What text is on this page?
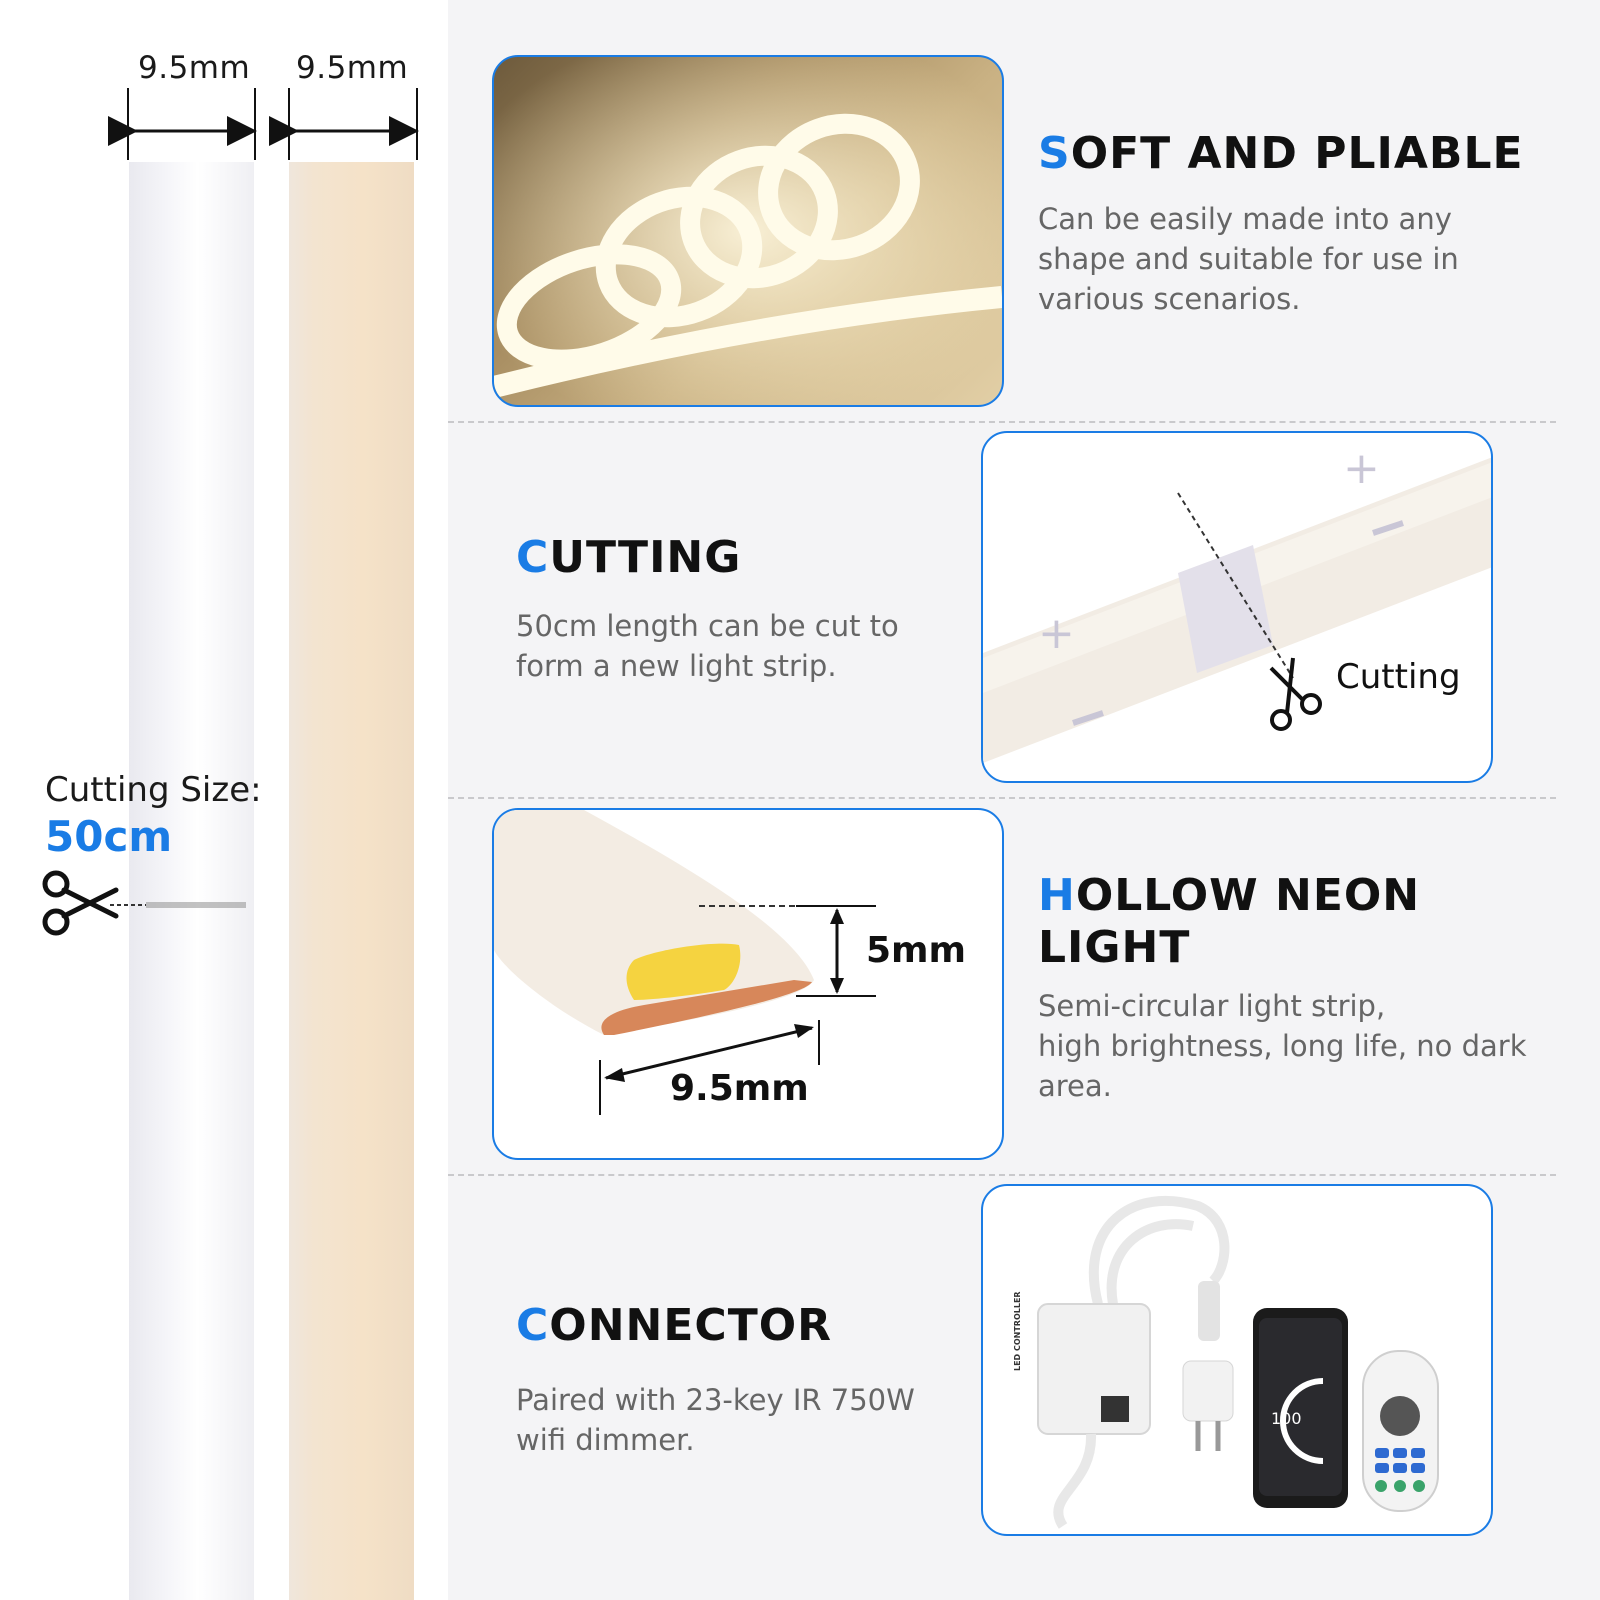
9.5mm 9.5mm
Cutting Size:
50cm
SOFT AND PLIABLE
Can be easily made into any
shape and suitable for use in
various scenarios.
CUTTING
50cm length can be cut to
form a new light strip.
+
+
Cutting
5mm
9.5mm
HOLLOW NEON
LIGHT
Semi-circular light strip,
high brightness, long life, no dark
area.
CONNECTOR
Paired with 23-key IR 750W
wifi dimmer.
LED CONTROLLER
100
